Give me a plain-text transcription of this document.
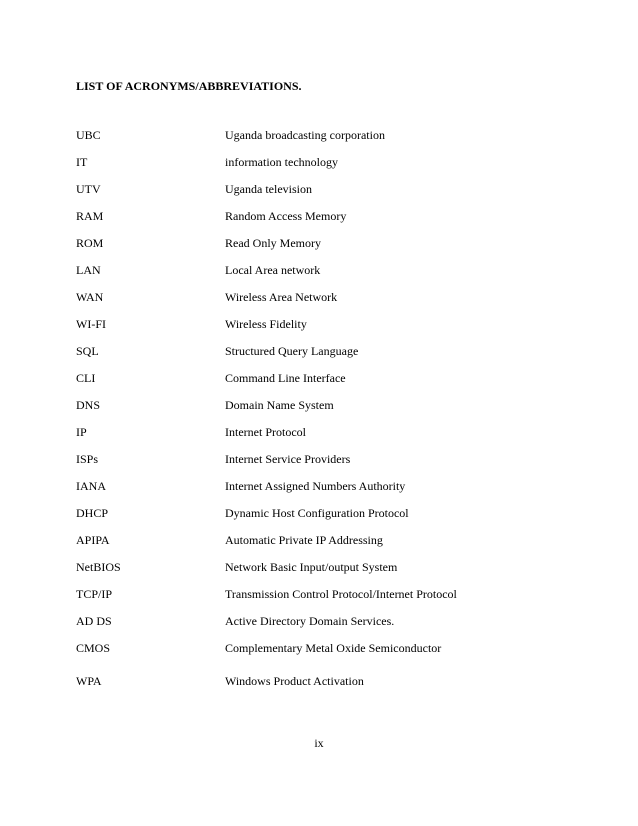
LIST OF ACRONYMS/ABBREVIATIONS.
UBC	Uganda broadcasting corporation
IT	information technology
UTV	Uganda television
RAM	Random Access Memory
ROM	Read Only Memory
LAN	Local Area network
WAN	Wireless Area Network
WI-FI	Wireless Fidelity
SQL	Structured Query Language
CLI	Command Line Interface
DNS	Domain Name System
IP	Internet Protocol
ISPs	Internet Service Providers
IANA	Internet Assigned Numbers Authority
DHCP	Dynamic Host Configuration Protocol
APIPA	Automatic Private IP Addressing
NetBIOS	Network Basic Input/output System
TCP/IP	Transmission Control Protocol/Internet Protocol
AD DS	Active Directory Domain Services.
CMOS	Complementary Metal Oxide Semiconductor
WPA	Windows Product Activation
ix
